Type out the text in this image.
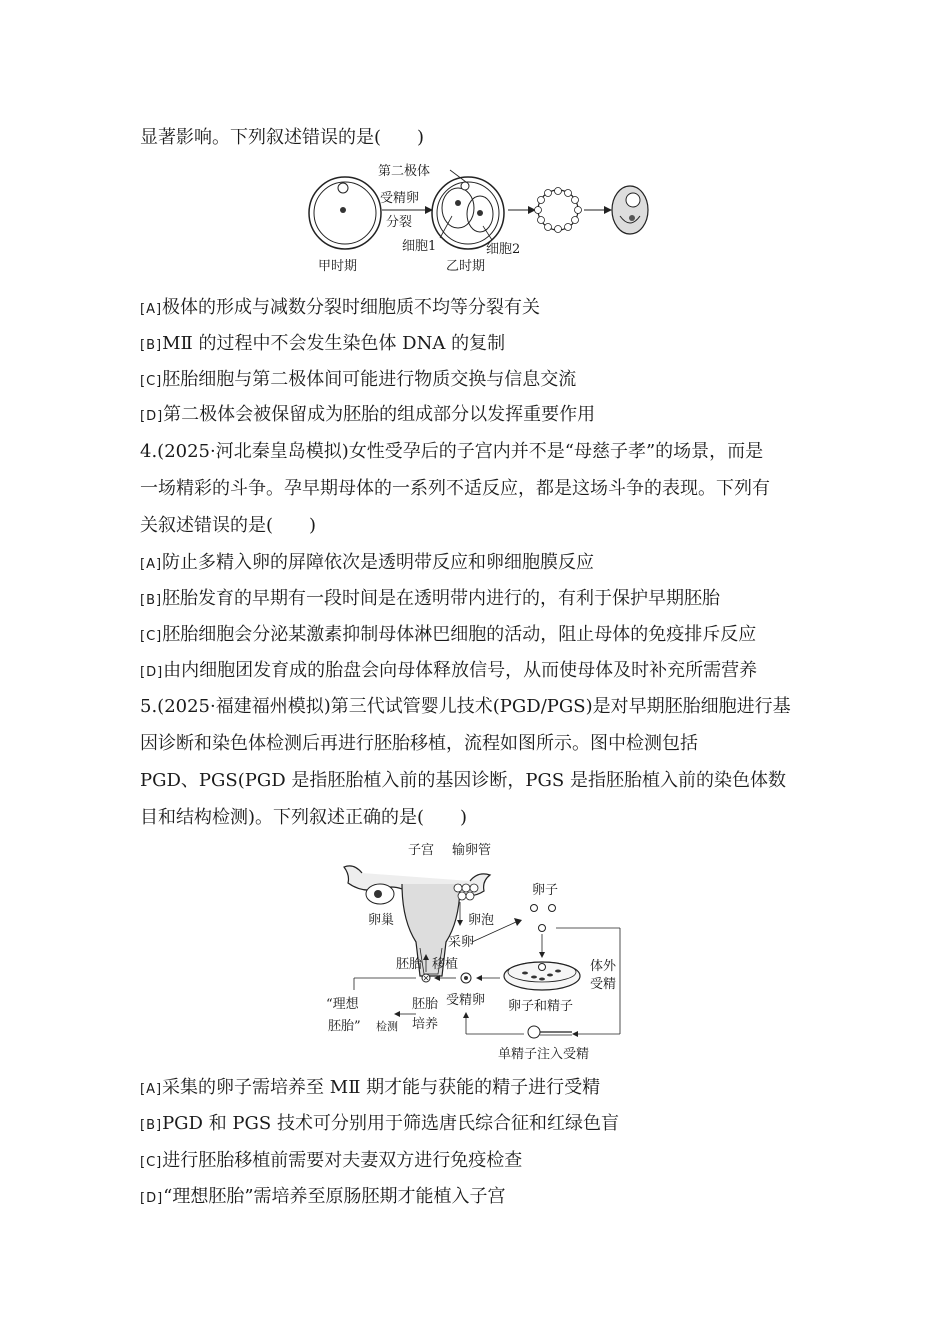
显著影响。下列叙述错误的是(　　)
第二极体
受精卵
分裂
细胞1	细胞2
甲时期	乙时期
[A]极体的形成与减数分裂时细胞质不均等分裂有关
[B]MⅡ 的过程中不会发生染色体 DNA 的复制
[C]胚胎细胞与第二极体间可能进行物质交换与信息交流
[D]第二极体会被保留成为胚胎的组成部分以发挥重要作用
4.(2025·河北秦皇岛模拟)女性受孕后的子宫内并不是“母慈子孝”的场景，而是
一场精彩的斗争。孕早期母体的一系列不适反应，都是这场斗争的表现。下列有
关叙述错误的是(　　)
[A]防止多精入卵的屏障依次是透明带反应和卵细胞膜反应
[B]胚胎发育的早期有一段时间是在透明带内进行的，有利于保护早期胚胎
[C]胚胎细胞会分泌某激素抑制母体淋巴细胞的活动，阻止母体的免疫排斥反应
[D]由内细胞团发育成的胎盘会向母体释放信号，从而使母体及时补充所需营养
5.(2025·福建福州模拟)第三代试管婴儿技术(PGD/PGS)是对早期胚胎细胞进行基
因诊断和染色体检测后再进行胚胎移植，流程如图所示。图中检测包括
PGD、PGS(PGD 是指胚胎植入前的基因诊断，PGS 是指胚胎植入前的染色体数
目和结构检测)。下列叙述正确的是(　　)
子宫 输卵管
卵巢	卵泡
采卵
卵子
体外
受精
卵子和精子
胚胎 移植
“理想
胚胎” 检测
胚胎
培养
受精卵
单精子注入受精
[A]采集的卵子需培养至 MⅡ 期才能与获能的精子进行受精
[B]PGD 和 PGS 技术可分别用于筛选唐氏综合征和红绿色盲
[C]进行胚胎移植前需要对夫妻双方进行免疫检查
[D]“理想胚胎”需培养至原肠胚期才能植入子宫
